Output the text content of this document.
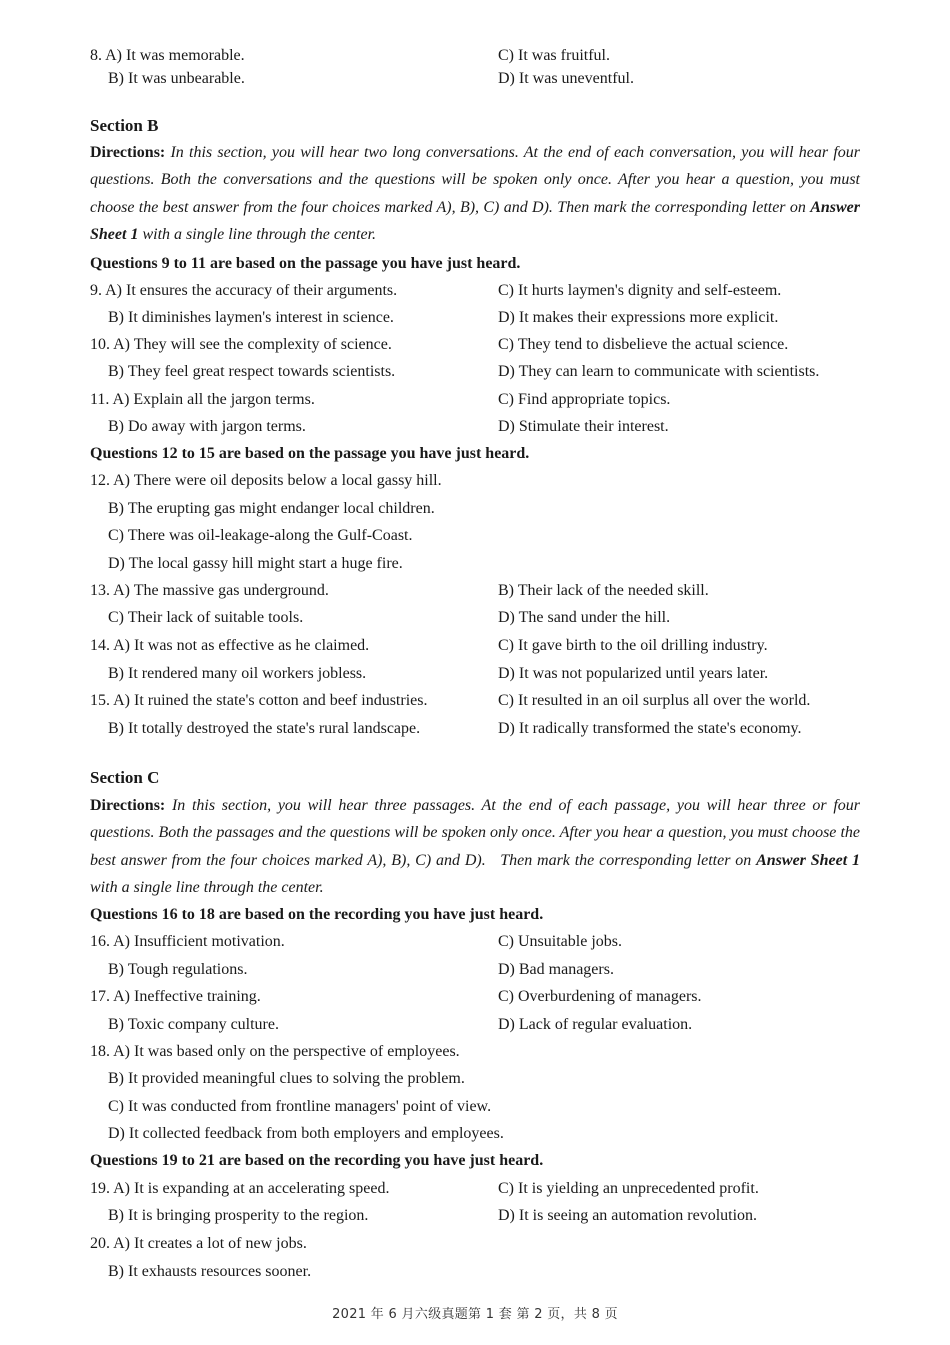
8. A) It was memorable.	C) It was fruitful.
B) It was unbearable.	D) It was uneventful.
Section B
Directions: In this section, you will hear two long conversations. At the end of each conversation, you will hear four questions. Both the conversations and the questions will be spoken only once. After you hear a question, you must choose the best answer from the four choices marked A), B), C) and D). Then mark the corresponding letter on Answer Sheet 1 with a single line through the center.
Questions 9 to 11 are based on the passage you have just heard.
9. A) It ensures the accuracy of their arguments.	C) It hurts laymen's dignity and self-esteem.
B) It diminishes laymen's interest in science.	D) It makes their expressions more explicit.
10. A) They will see the complexity of science.	C) They tend to disbelieve the actual science.
B) They feel great respect towards scientists.	D) They can learn to communicate with scientists.
11. A) Explain all the jargon terms.	C) Find appropriate topics.
B) Do away with jargon terms.	D) Stimulate their interest.
Questions 12 to 15 are based on the passage you have just heard.
12. A) There were oil deposits below a local gassy hill.
B) The erupting gas might endanger local children.
C) There was oil-leakage-along the Gulf-Coast.
D) The local gassy hill might start a huge fire.
13. A) The massive gas underground.	B) Their lack of the needed skill.
C) Their lack of suitable tools.	D) The sand under the hill.
14. A) It was not as effective as he claimed.	C) It gave birth to the oil drilling industry.
B) It rendered many oil workers jobless.	D) It was not popularized until years later.
15. A) It ruined the state's cotton and beef industries.	C) It resulted in an oil surplus all over the world.
B) It totally destroyed the state's rural landscape.	D) It radically transformed the state's economy.
Section C
Directions: In this section, you will hear three passages. At the end of each passage, you will hear three or four questions. Both the passages and the questions will be spoken only once. After you hear a question, you must choose the best answer from the four choices marked A), B), C) and D).   Then mark the corresponding letter on Answer Sheet 1 with a single line through the center.
Questions 16 to 18 are based on the recording you have just heard.
16. A) Insufficient motivation.	C) Unsuitable jobs.
B) Tough regulations.	D) Bad managers.
17. A) Ineffective training.	C) Overburdening of managers.
B) Toxic company culture.	D) Lack of regular evaluation.
18. A) It was based only on the perspective of employees.
B) It provided meaningful clues to solving the problem.
C) It was conducted from frontline managers' point of view.
D) It collected feedback from both employers and employees.
Questions 19 to 21 are based on the recording you have just heard.
19. A) It is expanding at an accelerating speed.	C) It is yielding an unprecedented profit.
B) It is bringing prosperity to the region.	D) It is seeing an automation revolution.
20. A) It creates a lot of new jobs.
B) It exhausts resources sooner.
2021 年 6 月六级真题第 1 套 第 2 页，共 8 页
